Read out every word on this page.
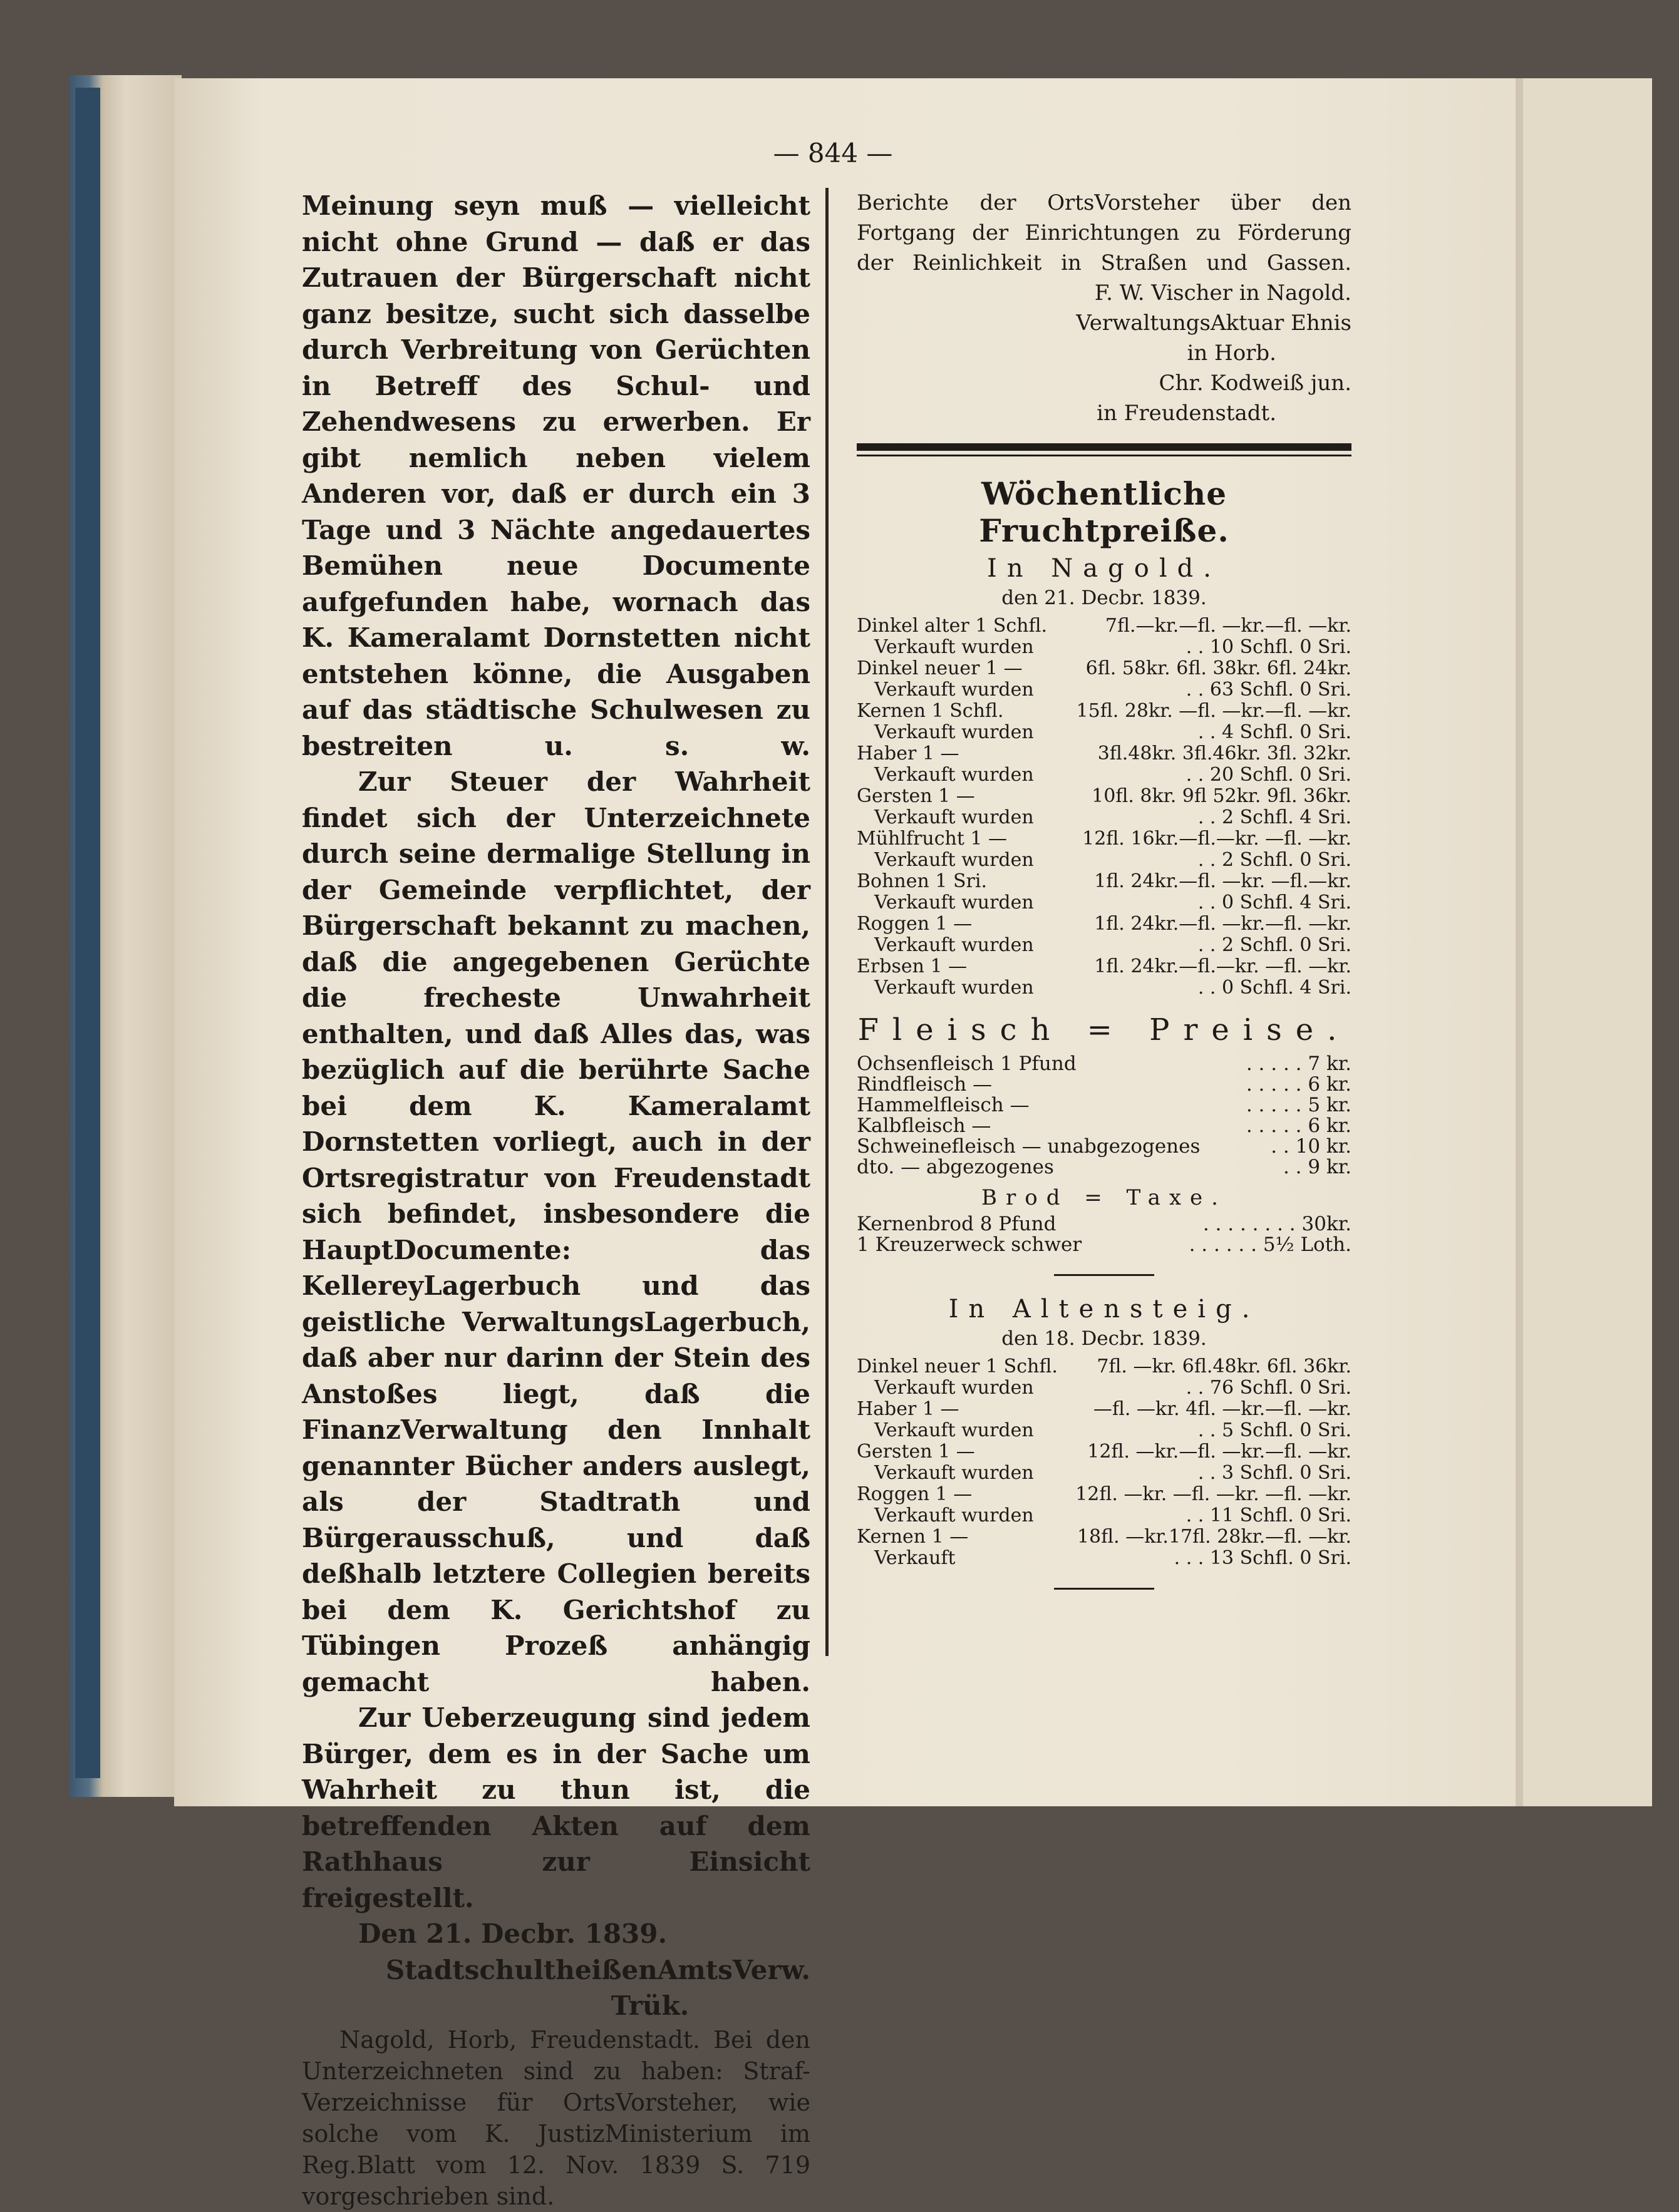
— 844 —

Meinung seyn muß — vielleicht nicht ohne Grund — daß er das Zutrauen der Bürgerschaft nicht ganz besitze, sucht sich dasselbe durch Verbreitung von Gerüchten in Betreff des Schul- und Zehendwesens zu erwerben. Er gibt nemlich neben vielem Anderen vor, daß er durch ein 3 Tage und 3 Nächte angedauertes Bemühen neue Documente aufgefunden habe, wornach das K. Kameralamt Dornstetten nicht entstehen könne, die Ausgaben auf das städtische Schulwesen zu bestreiten u. s. w.

Zur Steuer der Wahrheit findet sich der Unterzeichnete durch seine dermalige Stellung in der Gemeinde verpflichtet, der Bürgerschaft bekannt zu machen, daß die angegebenen Gerüchte die frecheste Unwahrheit enthalten, und daß Alles das, was bezüglich auf die berührte Sache bei dem K. Kameralamt Dornstetten vorliegt, auch in der Ortsregistratur von Freudenstadt sich befindet, insbesondere die HauptDocumente: das KellereyLagerbuch und das geistliche VerwaltungsLagerbuch, daß aber nur darinn der Stein des Anstoßes liegt, daß die FinanzVerwaltung den Innhalt genannter Bücher anders auslegt, als der Stadtrath und Bürgerausschuß, und daß deßhalb letztere Collegien bereits bei dem K. Gerichtshof zu Tübingen Prozeß anhängig gemacht haben.

Zur Ueberzeugung sind jedem Bürger, dem es in der Sache um Wahrheit zu thun ist, die betreffenden Akten auf dem Rathhaus zur Einsicht freigestellt.

Den 21. Decbr. 1839.

StadtschultheißenAmtsVerw.

Trük.

Nagold, Horb, Freudenstadt. Bei den Unterzeichneten sind zu haben: Straf-Verzeichnisse für OrtsVorsteher, wie solche vom K. JustizMinisterium im Reg.Blatt vom 12. Nov. 1839 S. 719 vorgeschrieben sind.

Berichte der OrtsVorsteher über den Fortgang der Einrichtungen zu Förderung der Reinlichkeit in Straßen und Gassen.
F. W. Vischer in Nagold.
VerwaltungsAktuar Ehnis
in Horb.
Chr. Kodweiß jun.
in Freudenstadt.
Wöchentliche Fruchtpreiße.
In Nagold.
den 21. Decbr. 1839.
Dinkel alter 1 Schfl.	7fl.—kr.—fl. —kr.—fl. —kr.
Verkauft wurden	. . 10 Schfl. 0 Sri.
Dinkel neuer 1 —	6fl. 58kr. 6fl. 38kr. 6fl. 24kr.
Verkauft wurden	. . 63 Schfl. 0 Sri.
Kernen 1 Schfl.	15fl. 28kr. —fl. —kr.—fl. —kr.
Verkauft wurden	. . 4 Schfl. 0 Sri.
Haber 1 —	3fl.48kr. 3fl.46kr. 3fl. 32kr.
Verkauft wurden	. . 20 Schfl. 0 Sri.
Gersten 1 —	10fl. 8kr. 9fl 52kr. 9fl. 36kr.
Verkauft wurden	. . 2 Schfl. 4 Sri.
Mühlfrucht 1 —	12fl. 16kr.—fl.—kr. —fl. —kr.
Verkauft wurden	. . 2 Schfl. 0 Sri.
Bohnen 1 Sri.	1fl. 24kr.—fl. —kr. —fl.—kr.
Verkauft wurden	. . 0 Schfl. 4 Sri.
Roggen 1 —	1fl. 24kr.—fl. —kr.—fl. —kr.
Verkauft wurden	. . 2 Schfl. 0 Sri.
Erbsen 1 —	1fl. 24kr.—fl.—kr. —fl. —kr.
Verkauft wurden	. . 0 Schfl. 4 Sri.
Fleisch = Preise.
Ochsenfleisch 1 Pfund	. . . . . 7 kr.
Rindfleisch —	. . . . . 6 kr.
Hammelfleisch —	. . . . . 5 kr.
Kalbfleisch —	. . . . . 6 kr.
Schweinefleisch — unabgezogenes	. . 10 kr.
dto. — abgezogenes	. . 9 kr.
Brod = Taxe.
Kernenbrod 8 Pfund	. . . . . . . . 30kr.
1 Kreuzerweck schwer	. . . . . . 5½ Loth.
In Altensteig.
den 18. Decbr. 1839.
Dinkel neuer 1 Schfl.	7fl. —kr. 6fl.48kr. 6fl. 36kr.
Verkauft wurden	. . 76 Schfl. 0 Sri.
Haber 1 —	—fl. —kr. 4fl. —kr.—fl. —kr.
Verkauft wurden	. . 5 Schfl. 0 Sri.
Gersten 1 —	12fl. —kr.—fl. —kr.—fl. —kr.
Verkauft wurden	. . 3 Schfl. 0 Sri.
Roggen 1 —	12fl. —kr. —fl. —kr. —fl. —kr.
Verkauft wurden	. . 11 Schfl. 0 Sri.
Kernen 1 —	18fl. —kr.17fl. 28kr.—fl. —kr.
Verkauft	. . . 13 Schfl. 0 Sri.
